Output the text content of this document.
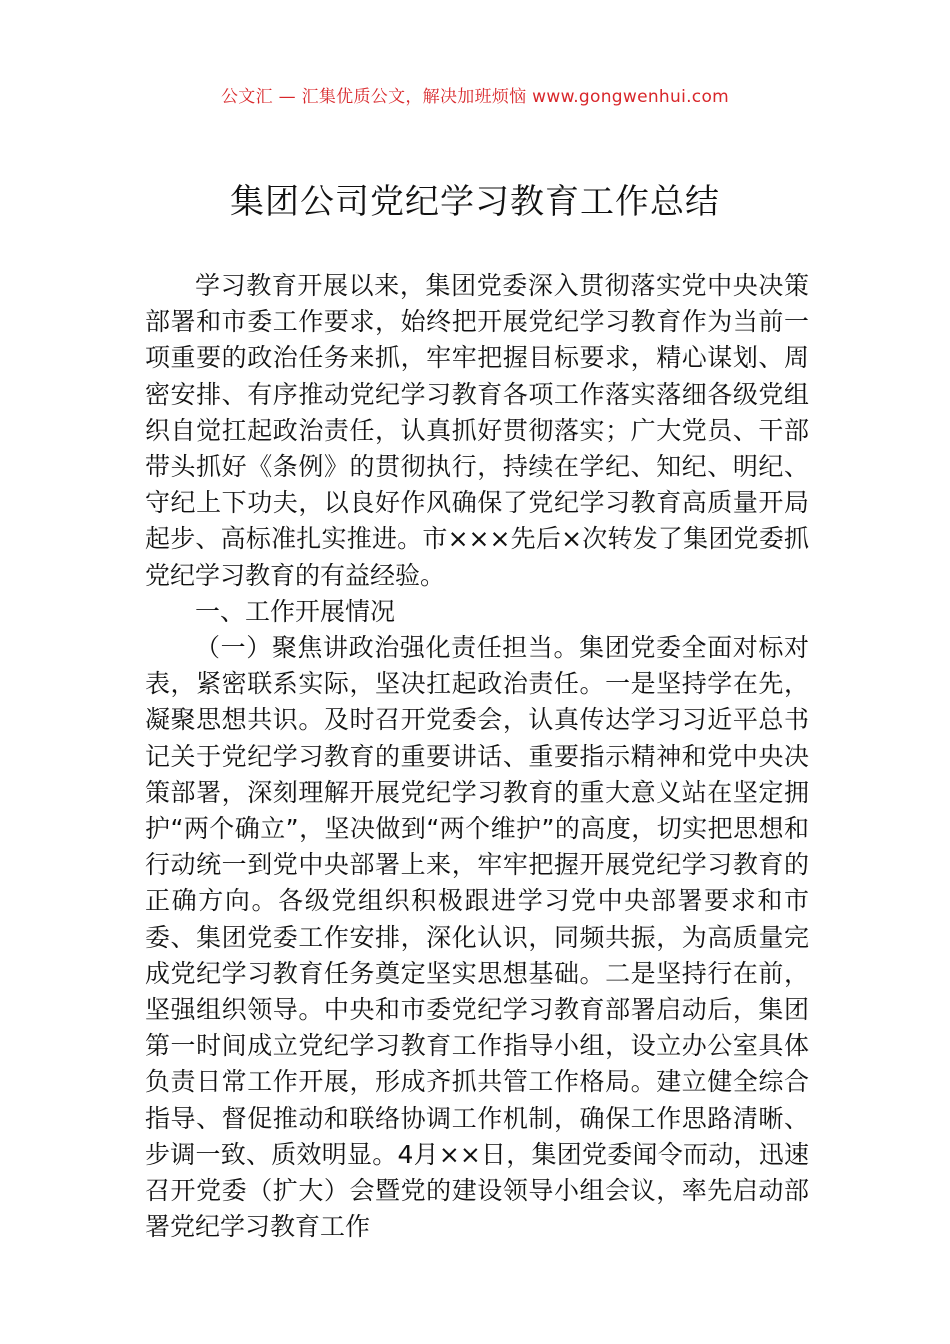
公文汇 — 汇集优质公文，解决加班烦恼 www.gongwenhui.com
集团公司党纪学习教育工作总结

学习教育开展以来，集团党委深入贯彻落实党中央决策部署和市委工作要求，始终把开展党纪学习教育作为当前一项重要的政治任务来抓，牢牢把握目标要求，精心谋划、周密安排、有序推动党纪学习教育各项工作落实落细各级党组织自觉扛起政治责任，认真抓好贯彻落实；广大党员、干部带头抓好《条例》的贯彻执行，持续在学纪、知纪、明纪、守纪上下功夫，以良好作风确保了党纪学习教育高质量开局起步、高标准扎实推进。市×××先后×次转发了集团党委抓党纪学习教育的有益经验。

一、工作开展情况

（一）聚焦讲政治强化责任担当。集团党委全面对标对表，紧密联系实际，坚决扛起政治责任。一是坚持学在先，凝聚思想共识。及时召开党委会，认真传达学习习近平总书记关于党纪学习教育的重要讲话、重要指示精神和党中央决策部署，深刻理解开展党纪学习教育的重大意义站在坚定拥护“两个确立”，坚决做到“两个维护”的高度，切实把思想和行动统一到党中央部署上来，牢牢把握开展党纪学习教育的正确方向。各级党组织积极跟进学习党中央部署要求和市委、集团党委工作安排，深化认识，同频共振，为高质量完成党纪学习教育任务奠定坚实思想基础。二是坚持行在前，坚强组织领导。中央和市委党纪学习教育部署启动后，集团第一时间成立党纪学习教育工作指导小组，设立办公室具体负责日常工作开展，形成齐抓共管工作格局。建立健全综合指导、督促推动和联络协调工作机制，确保工作思路清晰、步调一致、质效明显。4月××日，集团党委闻令而动，迅速召开党委（扩大）会暨党的建设领导小组会议，率先启动部署党纪学习教育工作
